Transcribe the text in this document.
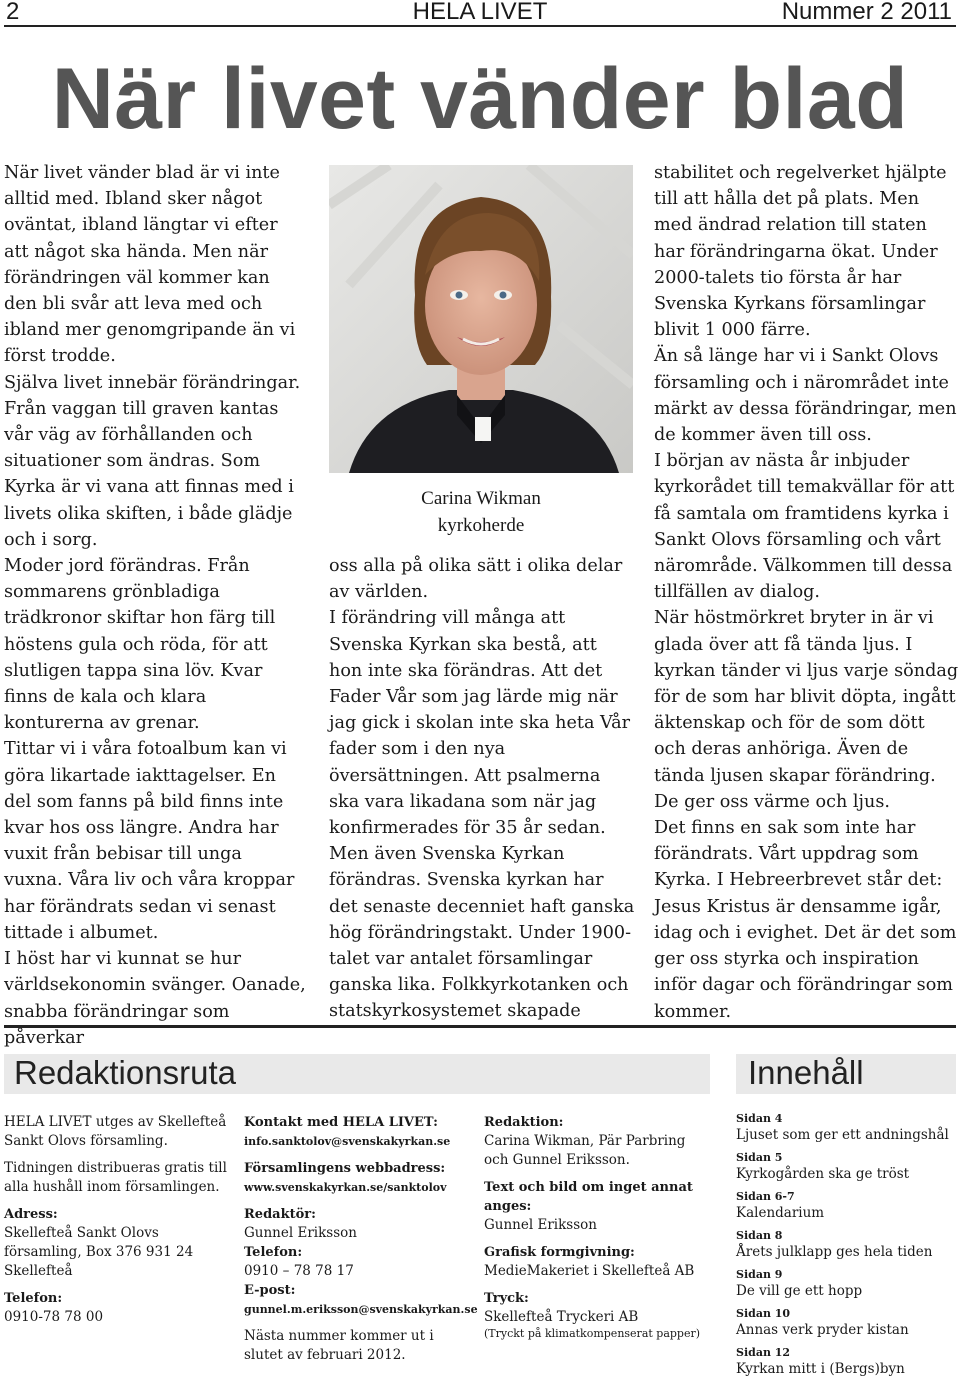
2	HELA LIVET	Nummer 2 2011
När livet vänder blad

När livet vänder blad är vi inte alltid med. Ibland sker något oväntat, ibland längtar vi efter att något ska hända. Men när förändringen väl kommer kan den bli svår att leva med och ibland mer genomgripande än vi först trodde.

Själva livet innebär förändringar. Från vaggan till graven kantas vår väg av förhållanden och situationer som ändras. Som Kyrka är vi vana att finnas med i livets olika skiften, i både glädje och i sorg.

Moder jord förändras. Från sommarens grönbladiga trädkronor skiftar hon färg till höstens gula och röda, för att slutligen tappa sina löv. Kvar finns de kala och klara konturerna av grenar.

Tittar vi i våra fotoalbum kan vi göra likartade iakttagelser. En del som fanns på bild finns inte kvar hos oss längre. Andra har vuxit från bebisar till unga vuxna. Våra liv och våra kroppar har förändrats sedan vi senast tittade i albumet.

I höst har vi kunnat se hur världsekonomin svänger. Oanade, snabba förändringar som påverkar

Carina Wikman
kyrkoherde

oss alla på olika sätt i olika delar av världen.

I förändring vill många att Svenska Kyrkan ska bestå, att hon inte ska förändras. Att det Fader Vår som jag lärde mig när jag gick i skolan inte ska heta Vår fader som i den nya översättningen. Att psalmerna ska vara likadana som när jag konfirmerades för 35 år sedan. Men även Svenska Kyrkan förändras. Svenska kyrkan har det senaste decenniet haft ganska hög förändringstakt. Under 1900-talet var antalet församlingar ganska lika. Folkkyrkotanken och statskyrkosystemet skapade

stabilitet och regelverket hjälpte till att hålla det på plats. Men med ändrad relation till staten har förändringarna ökat. Under 2000-talets tio första år har Svenska Kyrkans församlingar blivit 1 000 färre.

Än så länge har vi i Sankt Olovs församling och i närområdet inte märkt av dessa förändringar, men de kommer även till oss.

I början av nästa år inbjuder kyrkorådet till temakvällar för att få samtala om framtidens kyrka i Sankt Olovs församling och vårt närområde. Välkommen till dessa tillfällen av dialog.

När höstmörkret bryter in är vi glada över att få tända ljus. I kyrkan tänder vi ljus varje söndag för de som har blivit döpta, ingått äktenskap och för de som dött och deras anhöriga. Även de tända ljusen skapar förändring. De ger oss värme och ljus.

Det finns en sak som inte har förändrats. Vårt uppdrag som Kyrka. I Hebreerbrevet står det: Jesus Kristus är densamme igår, idag och i evighet. Det är det som ger oss styrka och inspiration inför dagar och förändringar som kommer.

Redaktionsruta	Innehåll

HELA LIVET utges av Skellefteå Sankt Olovs församling.

Tidningen distribueras gratis till alla hushåll inom församlingen.

Adress:
Skellefteå Sankt Olovs församling, Box 376 931 24 Skellefteå

Telefon:
0910-78 78 00

Kontakt med HELA LIVET:
info.sanktolov@svenskakyrkan.se

Församlingens webbadress:
www.svenskakyrkan.se/sanktolov

Redaktör:
Gunnel Eriksson
Telefon:
0910 – 78 78 17
E-post:
gunnel.m.eriksson@svenskakyrkan.se

Nästa nummer kommer ut i slutet av februari 2012.

Redaktion:
Carina Wikman, Pär Parbring och Gunnel Eriksson.

Text och bild om inget annat anges:
Gunnel Eriksson

Grafisk formgivning:
MedieMakeriet i Skellefteå AB

Tryck:
Skellefteå Tryckeri AB
(Tryckt på klimatkompenserat papper)

Sidan 4
Ljuset som ger ett andningshål
Sidan 5
Kyrkogården ska ge tröst
Sidan 6-7
Kalendarium
Sidan 8
Årets julklapp ges hela tiden
Sidan 9
De vill ge ett hopp
Sidan 10
Annas verk pryder kistan
Sidan 12
Kyrkan mitt i (Bergs)byn
